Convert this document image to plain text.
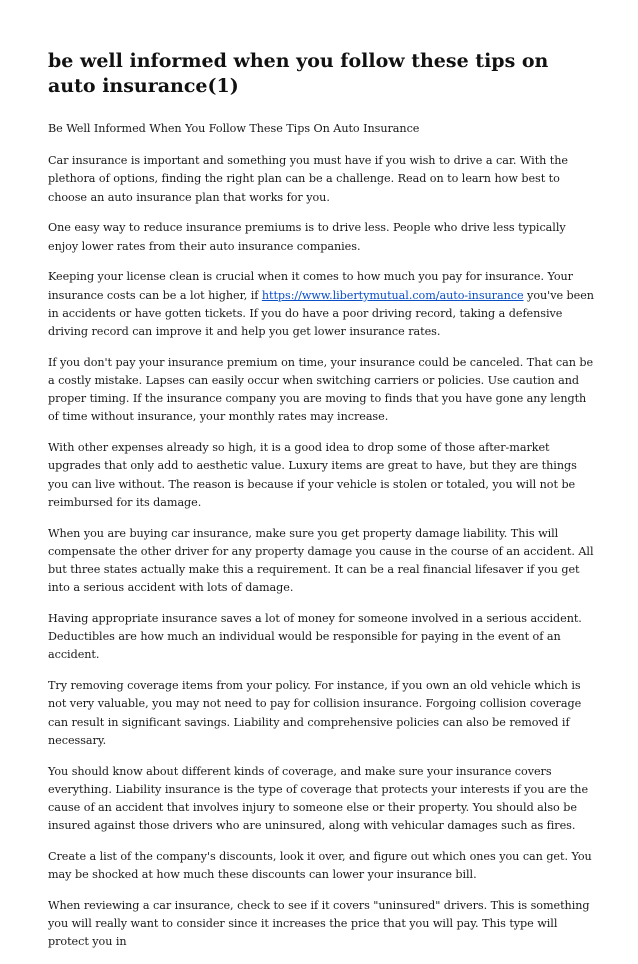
be well informed when you follow these tips on auto insurance(1)

Be Well Informed When You Follow These Tips On Auto Insurance

Car insurance is important and something you must have if you wish to drive a car. With the plethora of options, finding the right plan can be a challenge. Read on to learn how best to choose an auto insurance plan that works for you.

One easy way to reduce insurance premiums is to drive less. People who drive less typically enjoy lower rates from their auto insurance companies.

Keeping your license clean is crucial when it comes to how much you pay for insurance. Your insurance costs can be a lot higher, if https://www.libertymutual.com/auto-insurance you've been in accidents or have gotten tickets. If you do have a poor driving record, taking a defensive driving record can improve it and help you get lower insurance rates.

If you don't pay your insurance premium on time, your insurance could be canceled. That can be a costly mistake. Lapses can easily occur when switching carriers or policies. Use caution and proper timing. If the insurance company you are moving to finds that you have gone any length of time without insurance, your monthly rates may increase.

With other expenses already so high, it is a good idea to drop some of those after-market upgrades that only add to aesthetic value. Luxury items are great to have, but they are things you can live without. The reason is because if your vehicle is stolen or totaled, you will not be reimbursed for its damage.

When you are buying car insurance, make sure you get property damage liability. This will compensate the other driver for any property damage you cause in the course of an accident. All but three states actually make this a requirement. It can be a real financial lifesaver if you get into a serious accident with lots of damage.

Having appropriate insurance saves a lot of money for someone involved in a serious accident. Deductibles are how much an individual would be responsible for paying in the event of an accident.

Try removing coverage items from your policy. For instance, if you own an old vehicle which is not very valuable, you may not need to pay for collision insurance. Forgoing collision coverage can result in significant savings. Liability and comprehensive policies can also be removed if necessary.

You should know about different kinds of coverage, and make sure your insurance covers everything. Liability insurance is the type of coverage that protects your interests if you are the cause of an accident that involves injury to someone else or their property. You should also be insured against those drivers who are uninsured, along with vehicular damages such as fires.

Create a list of the company's discounts, look it over, and figure out which ones you can get. You may be shocked at how much these discounts can lower your insurance bill.

When reviewing a car insurance, check to see if it covers "uninsured" drivers. This is something you will really want to consider since it increases the price that you will pay. This type will protect you in
